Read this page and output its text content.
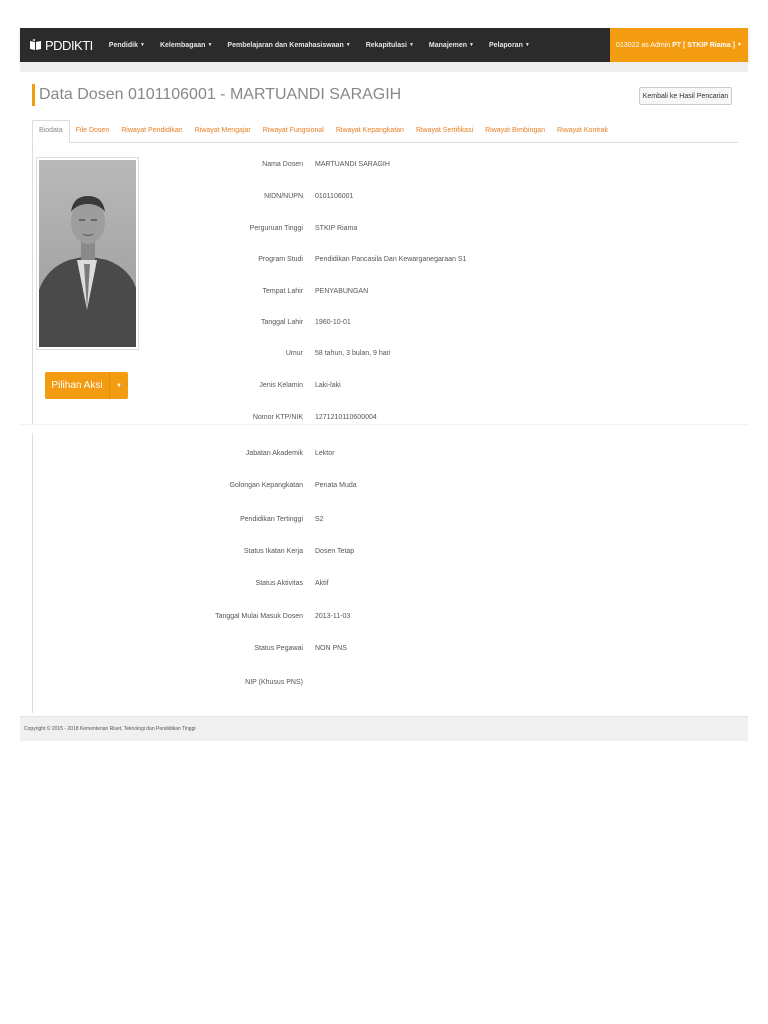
PDDIKTI Pendidik ▼ Kelembagaan ▼ Pembelajaran dan Kemahasiswaan ▼ Rekapitulasi ▼ Manajemen ▼ Pelaporan ▼	013022 as Admin
PT [ STKIP Riama ] ▼
Data Dosen 0101106001 - MARTUANDI SARAGIH	Kembali ke Hasil Pencarian
Biodata	File Dosen	Riwayat Pendidikan	Riwayat Mengajar	Riwayat Fungsional	Riwayat Kepangkatan	Riwayat Sertifikasi	Riwayat Bimbingan	Riwayat Kontrak
Pilihan Aksi	▼
Nama Dosen MARTUANDI SARAGIH
NIDN/NUPN 0101106001
Perguruan Tinggi STKIP Riama
Program Studi Pendidikan Pancasila Dan Kewarganegaraan S1
Tempat Lahir PENYABUNGAN
Tanggal Lahir 1960-10-01
Umur 58 tahun, 3 bulan, 9 hari
Jenis Kelamin Laki-laki
Nomor KTP/NIK 1271210110600004
Jabatan Akademik Lektor
Golongan Kepangkatan Penata Muda
Pendidikan Tertinggi S2
Status Ikatan Kerja Dosen Tetap
Status Aktivitas Aktif
Tanggal Mulai Masuk Dosen 2013-11-03
Status Pegawai NON PNS
NIP (Khusus PNS)
Copyright © 2015 - 2018 Kementerian Riset, Teknologi dan Pendidikan Tinggi
